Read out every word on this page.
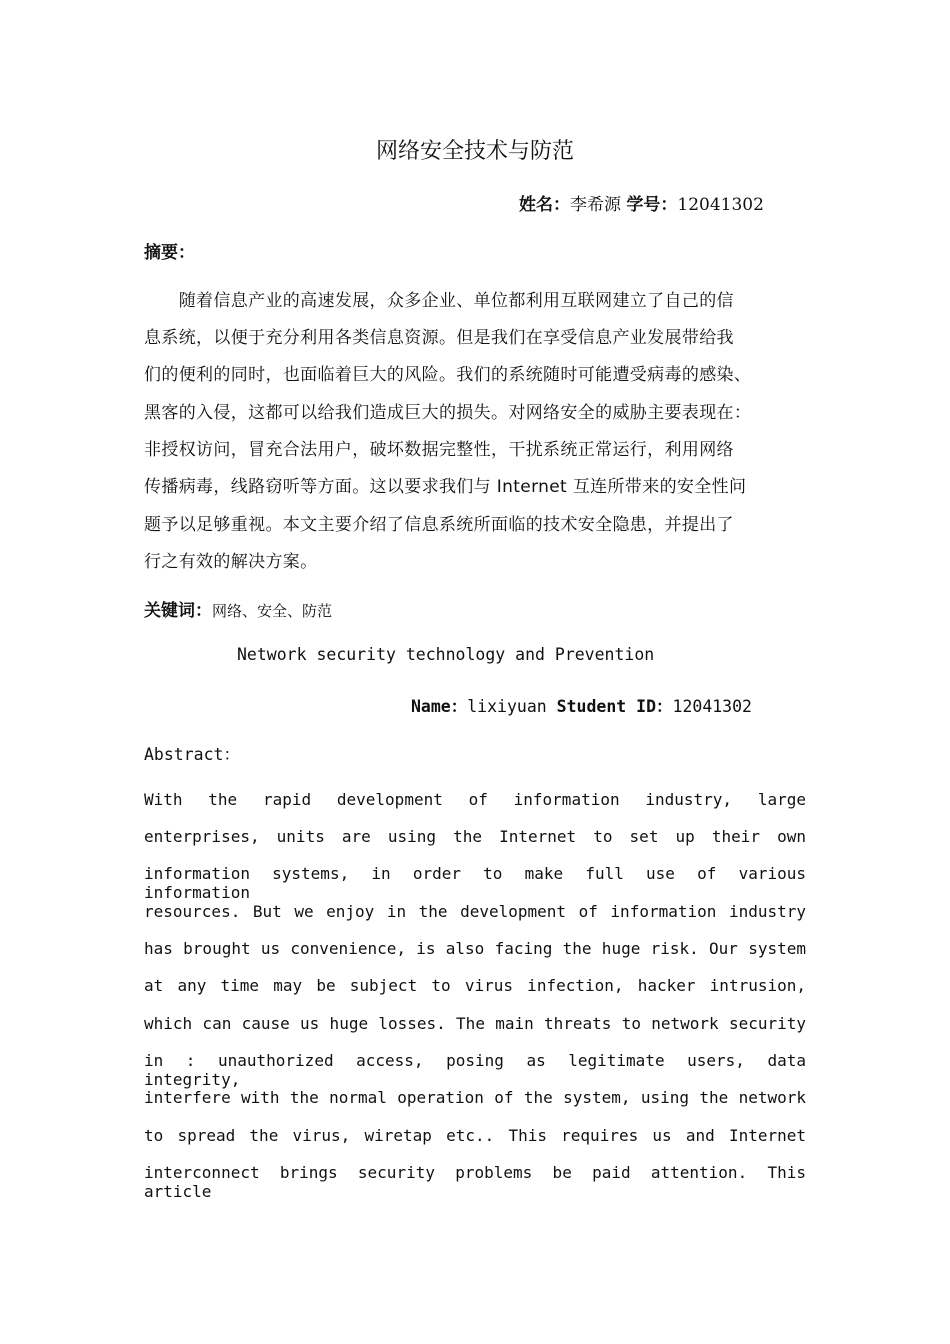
网络安全技术与防范
姓名：李希源 学号：12041302
摘要：
　　随着信息产业的高速发展，众多企业、单位都利用互联网建立了自己的信
息系统，以便于充分利用各类信息资源。但是我们在享受信息产业发展带给我
们的便利的同时，也面临着巨大的风险。我们的系统随时可能遭受病毒的感染、
黑客的入侵，这都可以给我们造成巨大的损失。对网络安全的威胁主要表现在：
非授权访问，冒充合法用户，破坏数据完整性，干扰系统正常运行，利用网络
传播病毒，线路窃听等方面。这以要求我们与 Internet 互连所带来的安全性问
题予以足够重视。本文主要介绍了信息系统所面临的技术安全隐患，并提出了
行之有效的解决方案。
关键词：网络、安全、防范
Network security technology and Prevention
Name：lixiyuan Student ID：12041302
Abstract：
With the rapid development of information industry, large
enterprises, units are using the Internet to set up their own
information systems, in order to make full use of various information
resources. But we enjoy in the development of information industry
has brought us convenience, is also facing the huge risk. Our system
at any time may be subject to virus infection, hacker intrusion,
which can cause us huge losses. The main threats to network security
in : unauthorized access, posing as legitimate users, data integrity,
interfere with the normal operation of the system, using the network
to spread the virus, wiretap etc.. This requires us and Internet
interconnect brings security problems be paid attention. This article
